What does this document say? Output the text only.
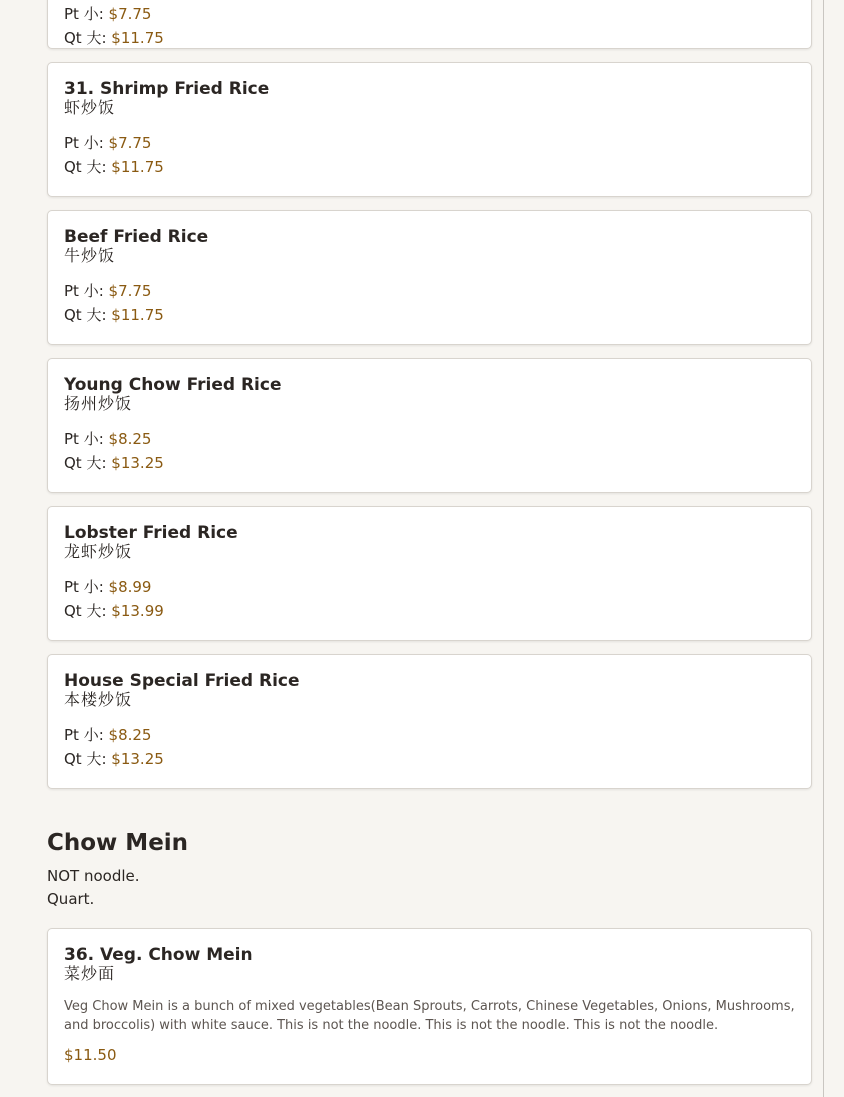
Pt 小: $7.75

Qt 大: $11.75

31. Shrimp Fried Rice

虾炒饭

Pt 小: $7.75

Qt 大: $11.75

Beef Fried Rice

牛炒饭

Pt 小: $7.75

Qt 大: $11.75

Young Chow Fried Rice

扬州炒饭

Pt 小: $8.25

Qt 大: $13.25

Lobster Fried Rice

龙虾炒饭

Pt 小: $8.99

Qt 大: $13.99

House Special Fried Rice

本楼炒饭

Pt 小: $8.25

Qt 大: $13.25

Chow Mein

NOT noodle.

Quart.

36. Veg. Chow Mein

菜炒面

Veg Chow Mein is a bunch of mixed vegetables(Bean Sprouts, Carrots, Chinese Vegetables, Onions, Mushrooms, and broccolis) with white sauce. This is not the noodle. This is not the noodle. This is not the noodle.

$11.50
